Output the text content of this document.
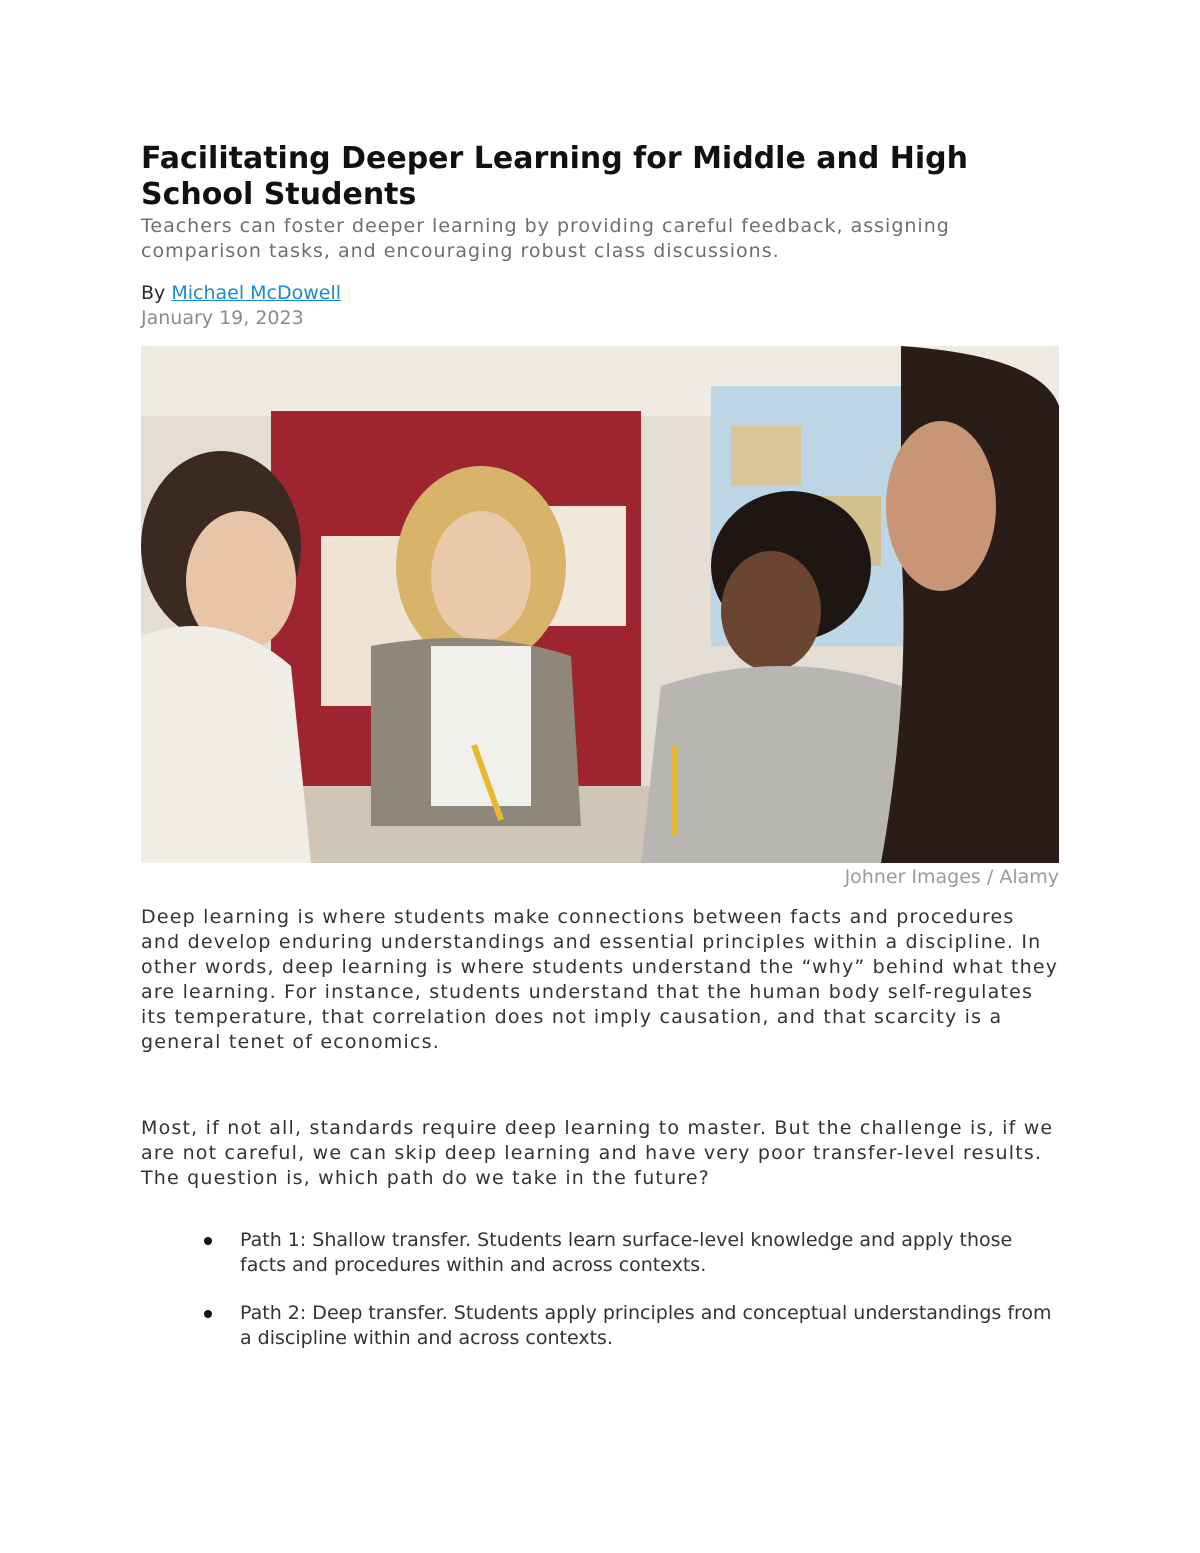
Facilitating Deeper Learning for Middle and High School Students
Teachers can foster deeper learning by providing careful feedback, assigning comparison tasks, and encouraging robust class discussions.
By Michael McDowell
January 19, 2023
Johner Images / Alamy

Deep learning is where students make connections between facts and procedures and develop enduring understandings and essential principles within a discipline. In other words, deep learning is where students understand the “why” behind what they are learning. For instance, students understand that the human body self-regulates its temperature, that correlation does not imply causation, and that scarcity is a general tenet of economics.

Most, if not all, standards require deep learning to master. But the challenge is, if we are not careful, we can skip deep learning and have very poor transfer-level results. The question is, which path do we take in the future?

Path 1: Shallow transfer. Students learn surface-level knowledge and apply those facts and procedures within and across contexts.
Path 2: Deep transfer. Students apply principles and conceptual understandings from a discipline within and across contexts.
